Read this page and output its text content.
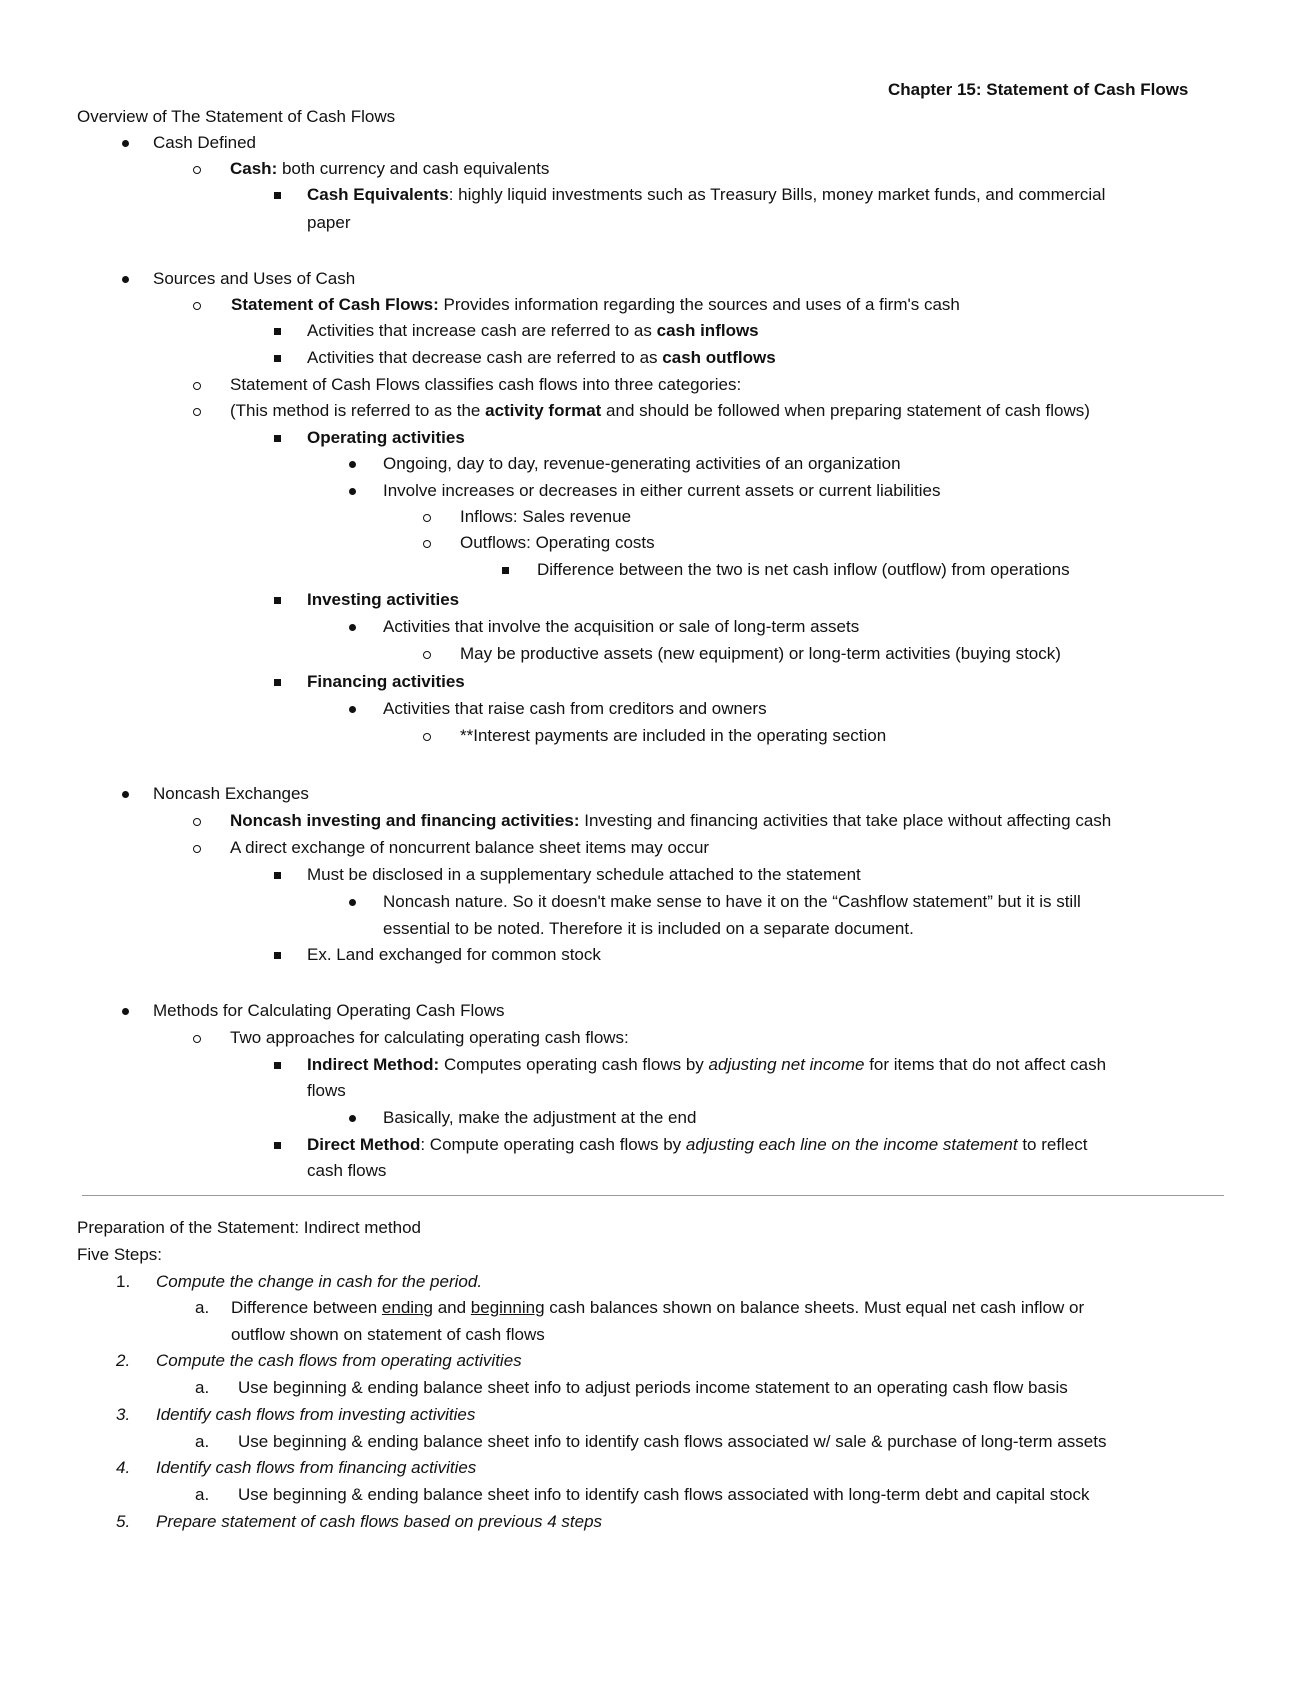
Chapter 15: Statement of Cash Flows
Overview of The Statement of Cash Flows
Cash Defined
Cash: both currency and cash equivalents
Cash Equivalents: highly liquid investments such as Treasury Bills, money market funds, and commercial
paper
Sources and Uses of Cash
Statement of Cash Flows: Provides information regarding the sources and uses of a firm's cash
Activities that increase cash are referred to as cash inflows
Activities that decrease cash are referred to as cash outflows
Statement of Cash Flows classifies cash flows into three categories:
(This method is referred to as the activity format and should be followed when preparing statement of cash flows)
Operating activities
Ongoing, day to day, revenue-generating activities of an organization
Involve increases or decreases in either current assets or current liabilities
Inflows: Sales revenue
Outflows: Operating costs
Difference between the two is net cash inflow (outflow) from operations
Investing activities
Activities that involve the acquisition or sale of long-term assets
May be productive assets (new equipment) or long-term activities (buying stock)
Financing activities
Activities that raise cash from creditors and owners
**Interest payments are included in the operating section
Noncash Exchanges
Noncash investing and financing activities: Investing and financing activities that take place without affecting cash
A direct exchange of noncurrent balance sheet items may occur
Must be disclosed in a supplementary schedule attached to the statement
Noncash nature. So it doesn't make sense to have it on the “Cashflow statement” but it is still
essential to be noted. Therefore it is included on a separate document.
Ex. Land exchanged for common stock
Methods for Calculating Operating Cash Flows
Two approaches for calculating operating cash flows:
Indirect Method: Computes operating cash flows by adjusting net income for items that do not affect cash
flows
Basically, make the adjustment at the end
Direct Method: Compute operating cash flows by adjusting each line on the income statement to reflect
cash flows
Preparation of the Statement: Indirect method
Five Steps:
1. Compute the change in cash for the period.
a. Difference between ending and beginning cash balances shown on balance sheets. Must equal net cash inflow or
outflow shown on statement of cash flows
2. Compute the cash flows from operating activities
a. Use beginning & ending balance sheet info to adjust periods income statement to an operating cash flow basis
3. Identify cash flows from investing activities
a. Use beginning & ending balance sheet info to identify cash flows associated w/ sale & purchase of long-term assets
4. Identify cash flows from financing activities
a. Use beginning & ending balance sheet info to identify cash flows associated with long-term debt and capital stock
5. Prepare statement of cash flows based on previous 4 steps
